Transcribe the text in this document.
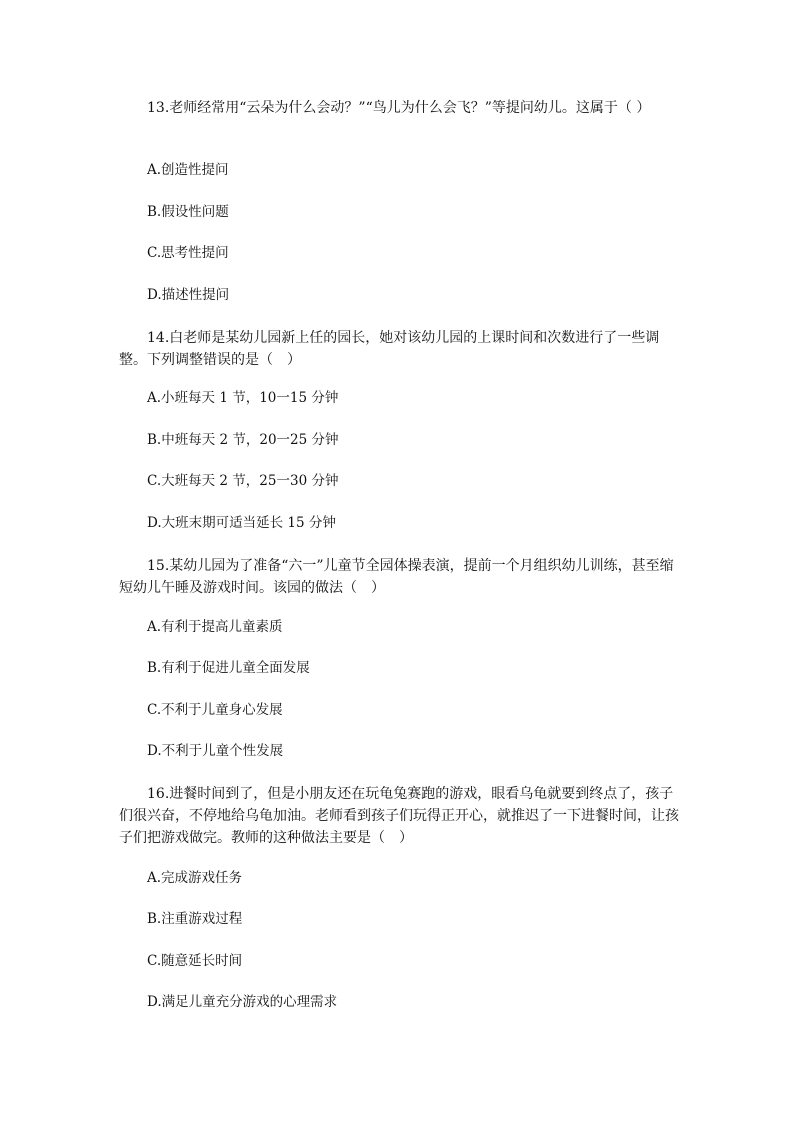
13.老师经常用“云朵为什么会动？”“鸟儿为什么会飞？”等提问幼儿。这属于（ ）

A.创造性提问

B.假设性问题

C.思考性提问

D.描述性提问

14.白老师是某幼儿园新上任的园长，她对该幼儿园的上课时间和次数进行了一些调整。下列调整错误的是（　）

A.小班每天 1 节，10一15 分钟

B.中班每天 2 节，20一25 分钟

C.大班每天 2 节，25一30 分钟

D.大班末期可适当延长 15 分钟

15.某幼儿园为了准备“六一”儿童节全园体操表演，提前一个月组织幼儿训练，甚至缩短幼儿午睡及游戏时间。该园的做法（　）

A.有利于提高儿童素质

B.有利于促进儿童全面发展

C.不利于儿童身心发展

D.不利于儿童个性发展

16.进餐时间到了，但是小朋友还在玩龟兔赛跑的游戏，眼看乌龟就要到终点了，孩子们很兴奋，不停地给乌龟加油。老师看到孩子们玩得正开心，就推迟了一下进餐时间，让孩子们把游戏做完。教师的这种做法主要是（　）

A.完成游戏任务

B.注重游戏过程

C.随意延长时间

D.满足儿童充分游戏的心理需求
